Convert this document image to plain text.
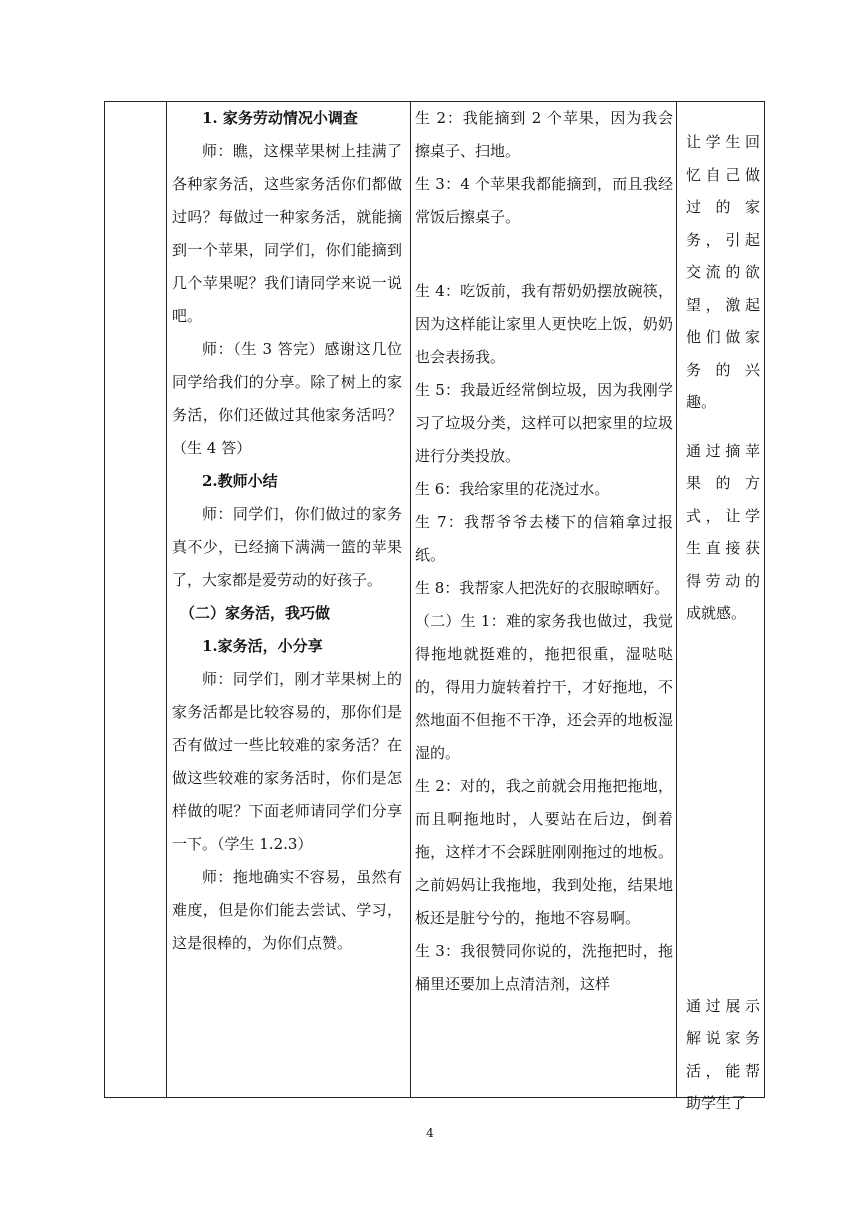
1. 家务劳动情况小调查

师：瞧，这棵苹果树上挂满了各种家务活，这些家务活你们都做过吗？每做过一种家务活，就能摘到一个苹果，同学们，你们能摘到几个苹果呢？我们请同学来说一说吧。

师：（生 3 答完）感谢这几位同学给我们的分享。除了树上的家务活，你们还做过其他家务活吗？（生 4 答）

2.教师小结

师：同学们，你们做过的家务真不少，已经摘下满满一篮的苹果了，大家都是爱劳动的好孩子。

（二）家务活，我巧做

1.家务活，小分享

师：同学们，刚才苹果树上的家务活都是比较容易的，那你们是否有做过一些比较难的家务活？在做这些较难的家务活时，你们是怎样做的呢？下面老师请同学们分享一下。（学生 1.2.3）

师：拖地确实不容易，虽然有难度，但是你们能去尝试、学习，这是很棒的，为你们点赞。

生 2：我能摘到 2 个苹果，因为我会擦桌子、扫地。

生 3：4 个苹果我都能摘到，而且我经常饭后擦桌子。

生 4：吃饭前，我有帮奶奶摆放碗筷，因为这样能让家里人更快吃上饭，奶奶也会表扬我。

生 5：我最近经常倒垃圾，因为我刚学习了垃圾分类，这样可以把家里的垃圾进行分类投放。

生 6：我给家里的花浇过水。

生 7：我帮爷爷去楼下的信箱拿过报纸。

生 8：我帮家人把洗好的衣服晾晒好。

（二）生 1：难的家务我也做过，我觉得拖地就挺难的，拖把很重，湿哒哒的，得用力旋转着拧干，才好拖地，不然地面不但拖不干净，还会弄的地板湿湿的。

生 2：对的，我之前就会用拖把拖地，而且啊拖地时，人要站在后边，倒着拖，这样才不会踩脏刚刚拖过的地板。之前妈妈让我拖地，我到处拖，结果地板还是脏兮兮的，拖地不容易啊。

生 3：我很赞同你说的，洗拖把时，拖桶里还要加上点清洁剂，这样

让学生回忆自己做过的家务，引起交流的欲望，激起他们做家务的兴趣。

通过摘苹果的方式，让学生直接获得劳动的成就感。

通过展示解说家务活，能帮助学生了

4
